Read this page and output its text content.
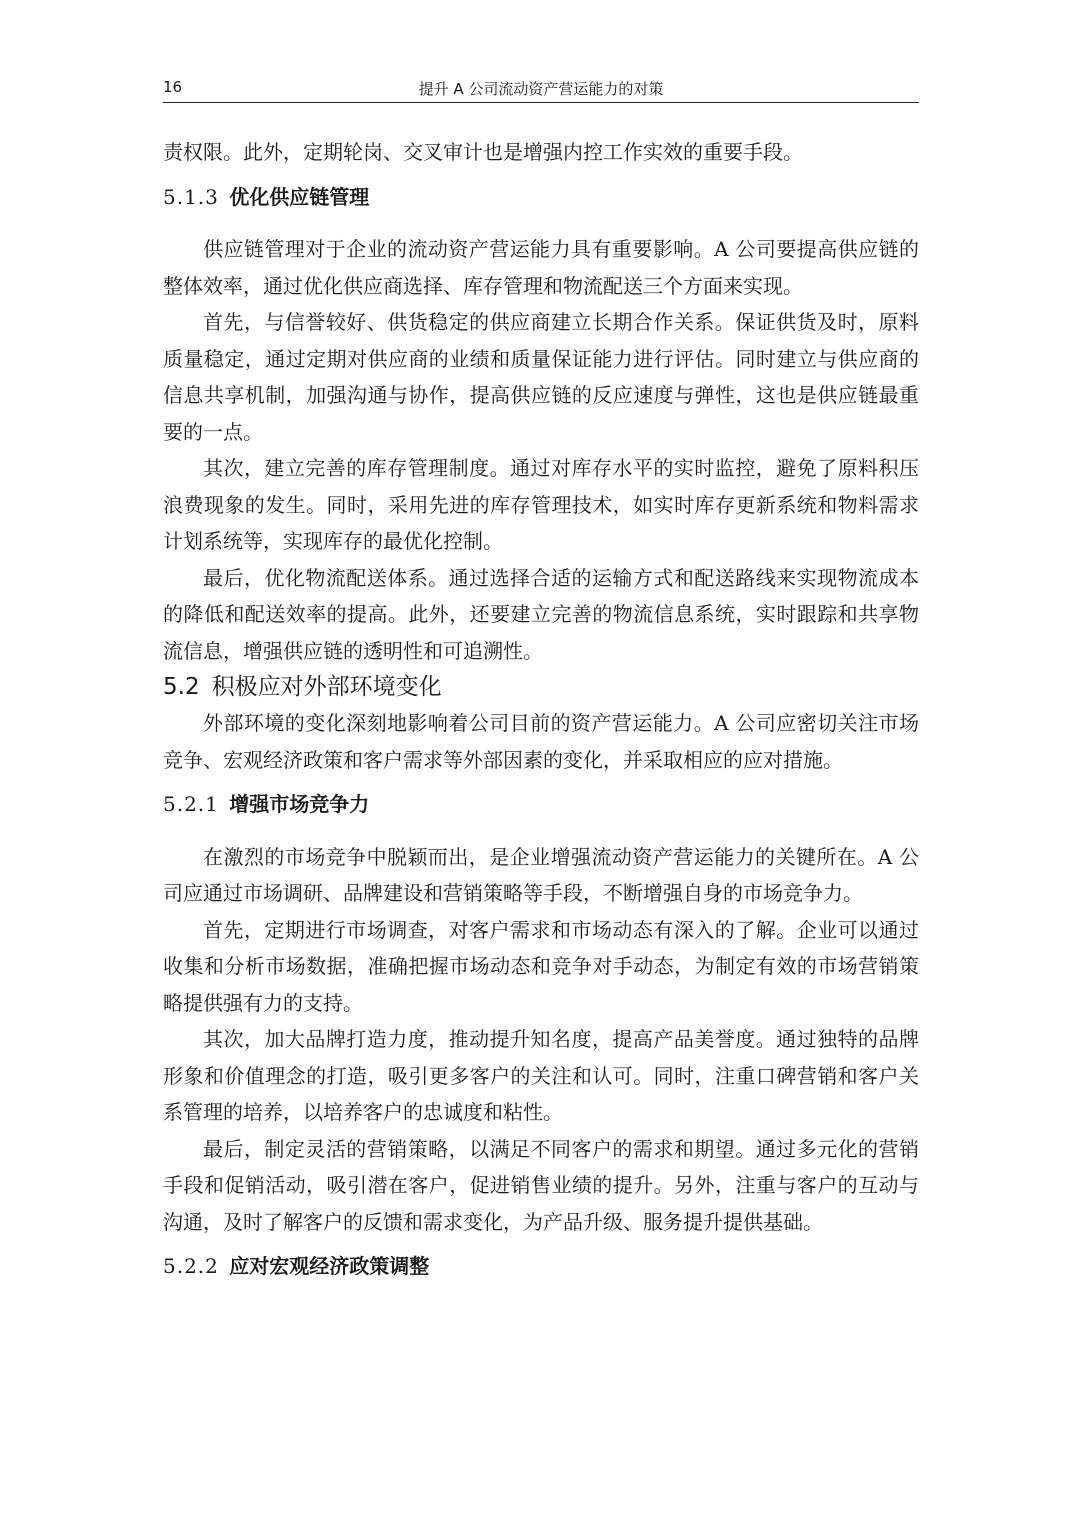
16	提升 A 公司流动资产营运能力的对策

责权限。此外，定期轮岗、交叉审计也是增强内控工作实效的重要手段。

5.1.3 优化供应链管理

供应链管理对于企业的流动资产营运能力具有重要影响。A 公司要提高供应链的整体效率，通过优化供应商选择、库存管理和物流配送三个方面来实现。

首先，与信誉较好、供货稳定的供应商建立长期合作关系。保证供货及时，原料质量稳定，通过定期对供应商的业绩和质量保证能力进行评估。同时建立与供应商的信息共享机制，加强沟通与协作，提高供应链的反应速度与弹性，这也是供应链最重要的一点。

其次，建立完善的库存管理制度。通过对库存水平的实时监控，避免了原料积压浪费现象的发生。同时，采用先进的库存管理技术，如实时库存更新系统和物料需求计划系统等，实现库存的最优化控制。

最后，优化物流配送体系。通过选择合适的运输方式和配送路线来实现物流成本的降低和配送效率的提高。此外，还要建立完善的物流信息系统，实时跟踪和共享物流信息，增强供应链的透明性和可追溯性。

5.2 积极应对外部环境变化

外部环境的变化深刻地影响着公司目前的资产营运能力。A 公司应密切关注市场竞争、宏观经济政策和客户需求等外部因素的变化，并采取相应的应对措施。

5.2.1 增强市场竞争力

在激烈的市场竞争中脱颖而出，是企业增强流动资产营运能力的关键所在。A 公司应通过市场调研、品牌建设和营销策略等手段，不断增强自身的市场竞争力。

首先，定期进行市场调查，对客户需求和市场动态有深入的了解。企业可以通过收集和分析市场数据，准确把握市场动态和竞争对手动态，为制定有效的市场营销策略提供强有力的支持。

其次，加大品牌打造力度，推动提升知名度，提高产品美誉度。通过独特的品牌形象和价值理念的打造，吸引更多客户的关注和认可。同时，注重口碑营销和客户关系管理的培养，以培养客户的忠诚度和粘性。

最后，制定灵活的营销策略，以满足不同客户的需求和期望。通过多元化的营销手段和促销活动，吸引潜在客户，促进销售业绩的提升。另外，注重与客户的互动与沟通，及时了解客户的反馈和需求变化，为产品升级、服务提升提供基础。

5.2.2 应对宏观经济政策调整
